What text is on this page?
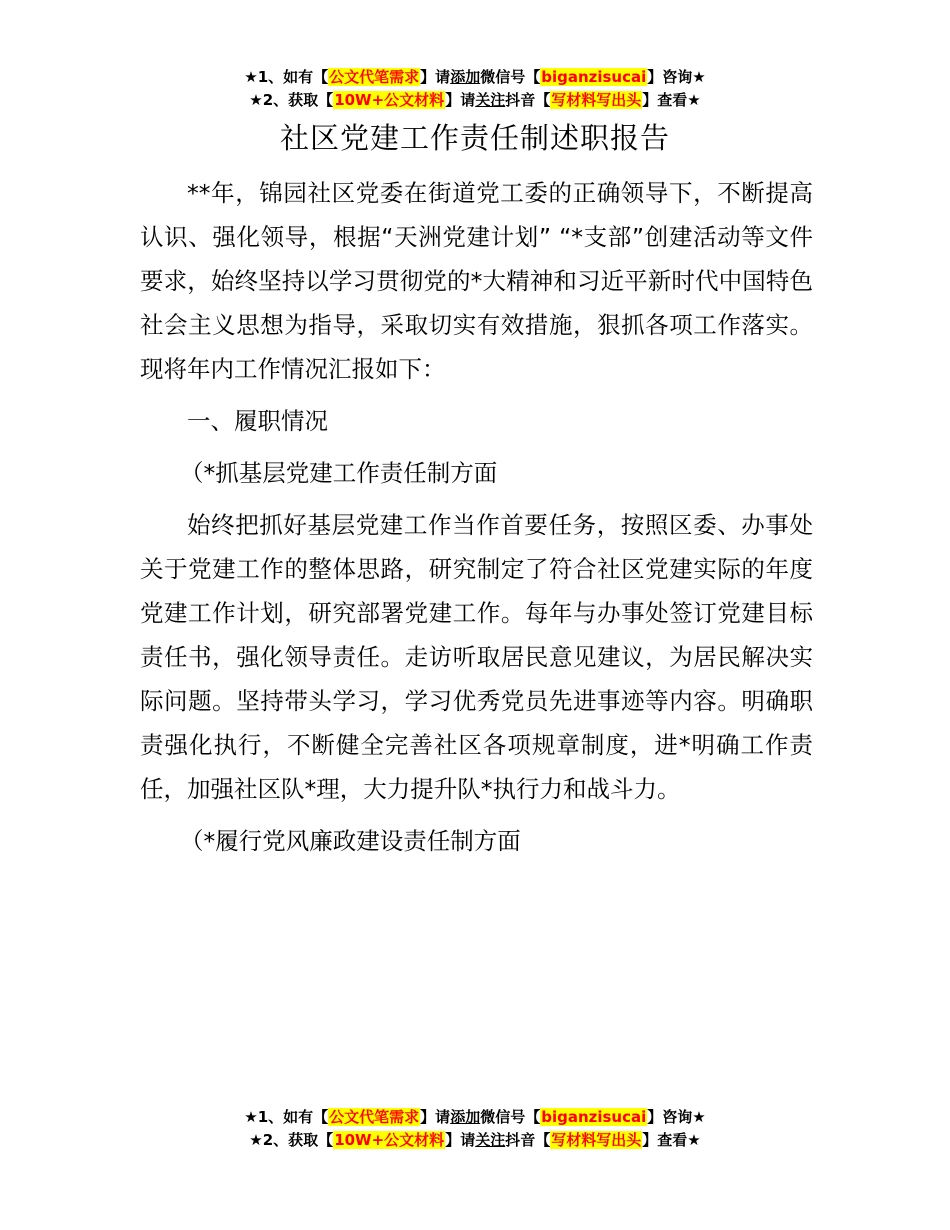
★1、如有【公文代笔需求】请添加微信号【biganzisucai】咨询★
★2、获取【10W+公文材料】请关注抖音【写材料写出头】查看★
社区党建工作责任制述职报告

**年，锦园社区党委在街道党工委的正确领导下，不断提高认识、强化领导，根据“天洲党建计划” “*支部”创建活动等文件要求，始终坚持以学习贯彻党的*大精神和习近平新时代中国特色社会主义思想为指导，采取切实有效措施，狠抓各项工作落实。现将年内工作情况汇报如下：

一、履职情况

（*抓基层党建工作责任制方面

始终把抓好基层党建工作当作首要任务，按照区委、办事处关于党建工作的整体思路，研究制定了符合社区党建实际的年度党建工作计划，研究部署党建工作。每年与办事处签订党建目标责任书，强化领导责任。走访听取居民意见建议，为居民解决实际问题。坚持带头学习，学习优秀党员先进事迹等内容。明确职责强化执行，不断健全完善社区各项规章制度，进*明确工作责任，加强社区队*理，大力提升队*执行力和战斗力。

（*履行党风廉政建设责任制方面

★1、如有【公文代笔需求】请添加微信号【biganzisucai】咨询★
★2、获取【10W+公文材料】请关注抖音【写材料写出头】查看★
